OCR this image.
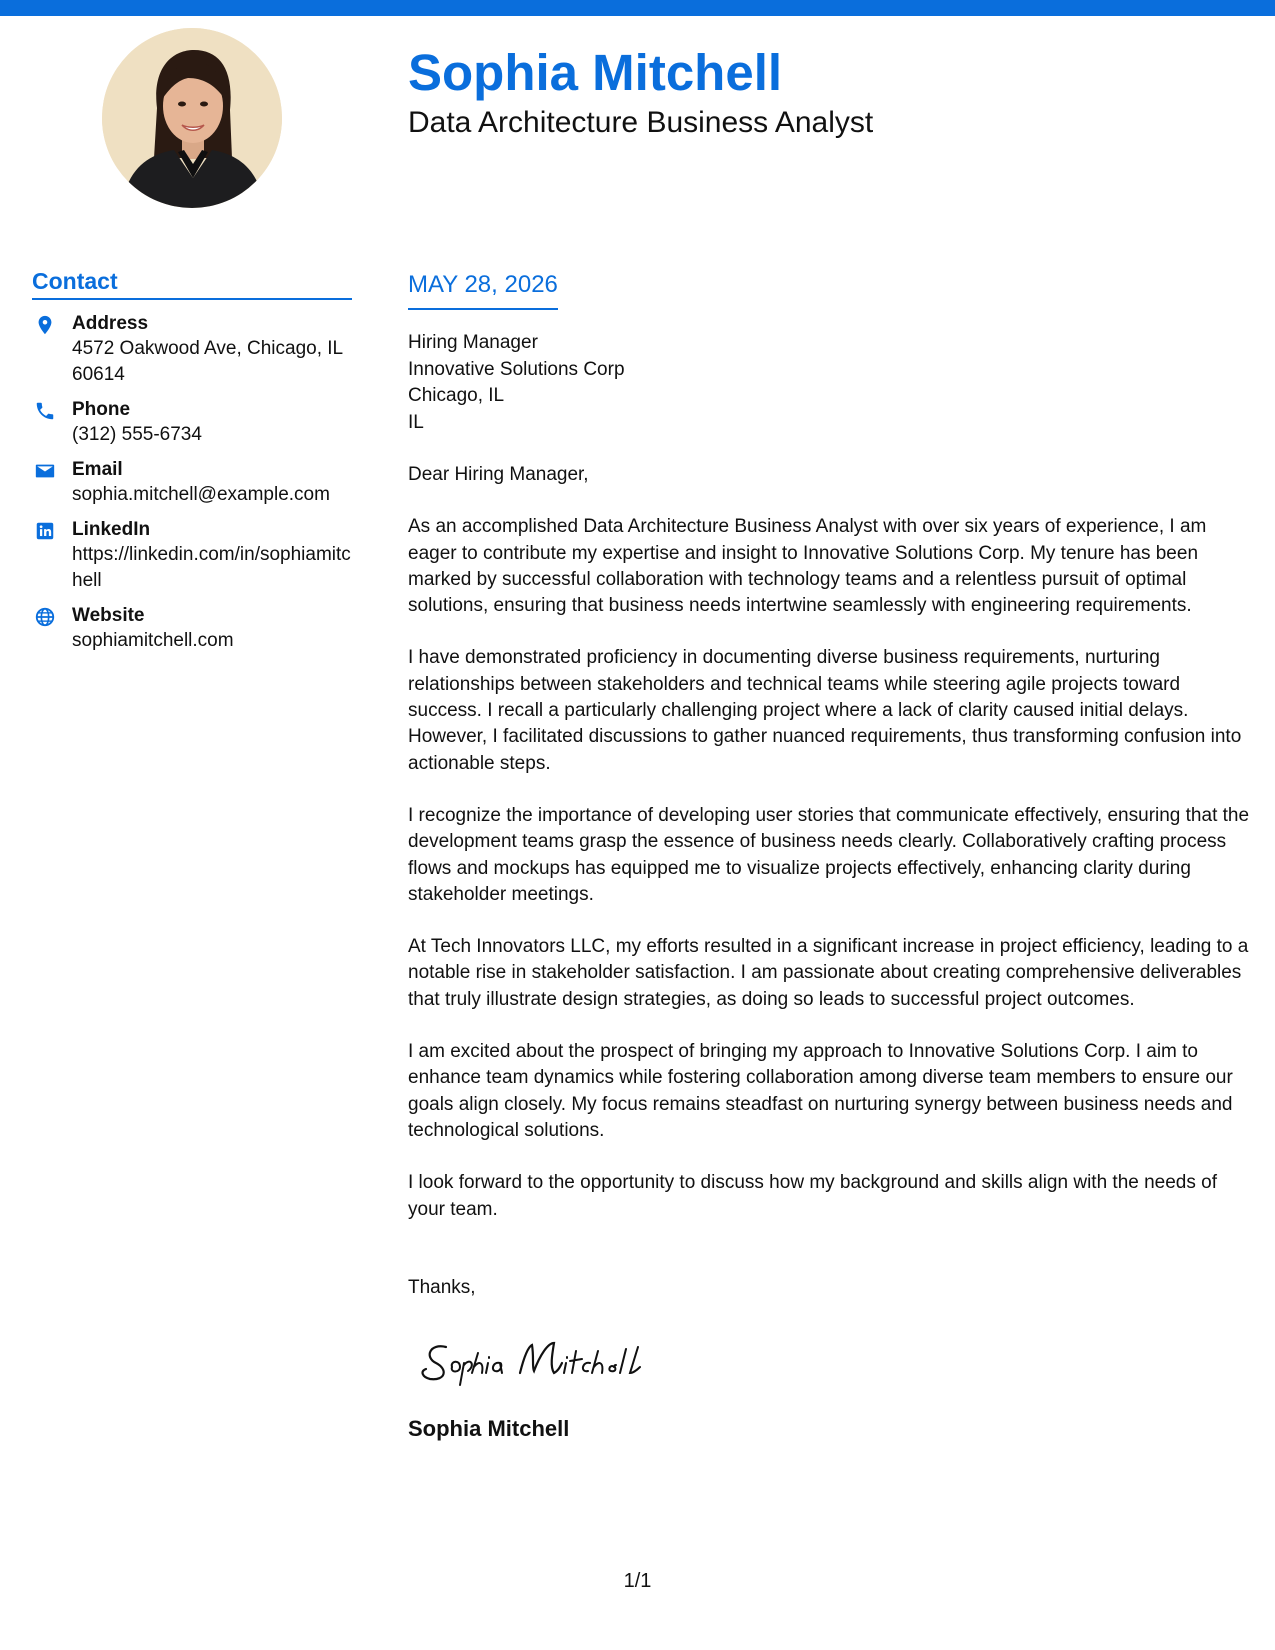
Sophia Mitchell
Data Architecture Business Analyst
Contact
Address
4572 Oakwood Ave, Chicago, IL 60614
Phone
(312) 555-6734
Email
sophia.mitchell@example.com
LinkedIn
https://linkedin.com/in/sophiamitchell
Website
sophiamitchell.com
MAY 28, 2026
Hiring Manager
Innovative Solutions Corp
Chicago, IL
IL
Dear Hiring Manager,

As an accomplished Data Architecture Business Analyst with over six years of experience, I am eager to contribute my expertise and insight to Innovative Solutions Corp. My tenure has been marked by successful collaboration with technology teams and a relentless pursuit of optimal solutions, ensuring that business needs intertwine seamlessly with engineering requirements.

I have demonstrated proficiency in documenting diverse business requirements, nurturing relationships between stakeholders and technical teams while steering agile projects toward success. I recall a particularly challenging project where a lack of clarity caused initial delays. However, I facilitated discussions to gather nuanced requirements, thus transforming confusion into actionable steps.

I recognize the importance of developing user stories that communicate effectively, ensuring that the development teams grasp the essence of business needs clearly. Collaboratively crafting process flows and mockups has equipped me to visualize projects effectively, enhancing clarity during stakeholder meetings.

At Tech Innovators LLC, my efforts resulted in a significant increase in project efficiency, leading to a notable rise in stakeholder satisfaction. I am passionate about creating comprehensive deliverables that truly illustrate design strategies, as doing so leads to successful project outcomes.

I am excited about the prospect of bringing my approach to Innovative Solutions Corp. I aim to enhance team dynamics while fostering collaboration among diverse team members to ensure our goals align closely. My focus remains steadfast on nurturing synergy between business needs and technological solutions.

I look forward to the opportunity to discuss how my background and skills align with the needs of your team.

Thanks,
Sophia Mitchell
1/1
